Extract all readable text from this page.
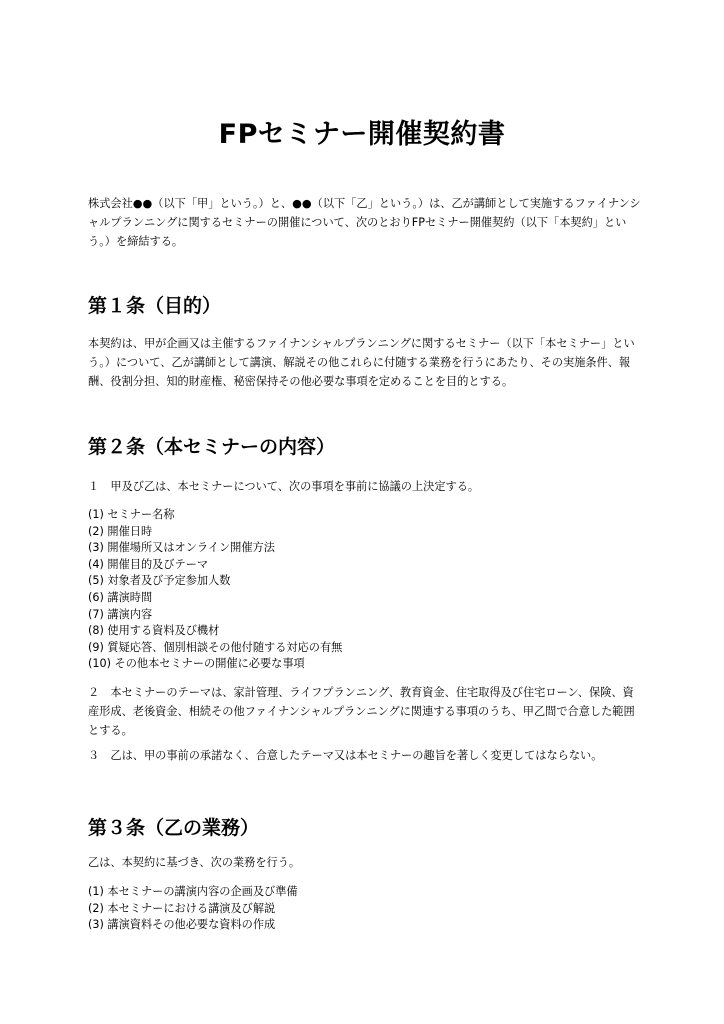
FPセミナー開催契約書

株式会社●●（以下「甲」という。）と、●●（以下「乙」という。）は、乙が講師として実施するファイナンシャルプランニングに関するセミナーの開催について、次のとおりFPセミナー開催契約（以下「本契約」という。）を締結する。

第１条（目的）

本契約は、甲が企画又は主催するファイナンシャルプランニングに関するセミナー（以下「本セミナー」という。）について、乙が講師として講演、解説その他これらに付随する業務を行うにあたり、その実施条件、報酬、役割分担、知的財産権、秘密保持その他必要な事項を定めることを目的とする。

第２条（本セミナーの内容）

１　甲及び乙は、本セミナーについて、次の事項を事前に協議の上決定する。

(1) セミナー名称
(2) 開催日時
(3) 開催場所又はオンライン開催方法
(4) 開催目的及びテーマ
(5) 対象者及び予定参加人数
(6) 講演時間
(7) 講演内容
(8) 使用する資料及び機材
(9) 質疑応答、個別相談その他付随する対応の有無
(10) その他本セミナーの開催に必要な事項

２　本セミナーのテーマは、家計管理、ライフプランニング、教育資金、住宅取得及び住宅ローン、保険、資産形成、老後資金、相続その他ファイナンシャルプランニングに関連する事項のうち、甲乙間で合意した範囲とする。

３　乙は、甲の事前の承諾なく、合意したテーマ又は本セミナーの趣旨を著しく変更してはならない。

第３条（乙の業務）

乙は、本契約に基づき、次の業務を行う。

(1) 本セミナーの講演内容の企画及び準備
(2) 本セミナーにおける講演及び解説
(3) 講演資料その他必要な資料の作成
